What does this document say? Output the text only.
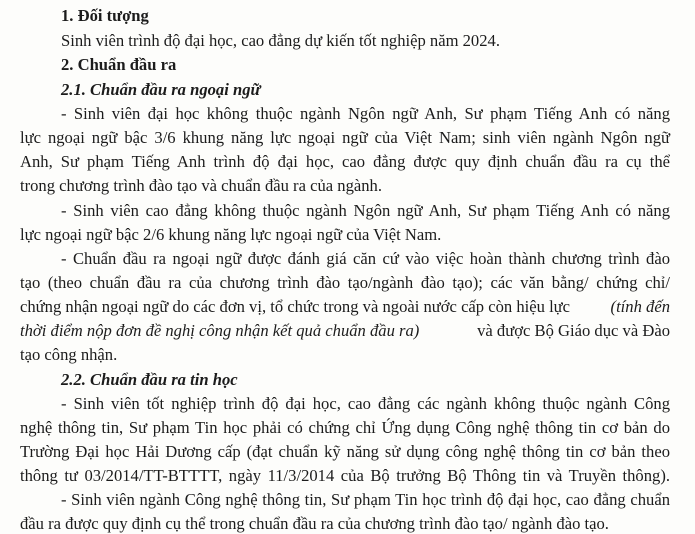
1. Đối tượng
Sinh viên trình độ đại học, cao đẳng dự kiến tốt nghiệp năm 2024.
2. Chuẩn đầu ra
2.1. Chuẩn đầu ra ngoại ngữ
- Sinh viên đại học không thuộc ngành Ngôn ngữ Anh, Sư phạm Tiếng Anh có năng
lực ngoại ngữ bậc 3/6 khung năng lực ngoại ngữ của Việt Nam; sinh viên ngành Ngôn ngữ
Anh, Sư phạm Tiếng Anh trình độ đại học, cao đẳng được quy định chuẩn đầu ra cụ thể
trong chương trình đào tạo và chuẩn đầu ra của ngành.
- Sinh viên cao đẳng không thuộc ngành Ngôn ngữ Anh, Sư phạm Tiếng Anh có năng
lực ngoại ngữ bậc 2/6 khung năng lực ngoại ngữ của Việt Nam.
- Chuẩn đầu ra ngoại ngữ được đánh giá căn cứ vào việc hoàn thành chương trình đào
tạo (theo chuẩn đầu ra của chương trình đào tạo/ngành đào tạo); các văn bằng/ chứng chỉ/
chứng nhận ngoại ngữ do các đơn vị, tổ chức trong và ngoài nước cấp còn hiệu lực (tính đến
thời điểm nộp đơn đề nghị công nhận kết quả chuẩn đầu ra)	và được Bộ Giáo dục và Đào
tạo công nhận.
2.2. Chuẩn đầu ra tin học
- Sinh viên tốt nghiệp trình độ đại học, cao đẳng các ngành không thuộc ngành Công
nghệ thông tin, Sư phạm Tin học phải có chứng chỉ Ứng dụng Công nghệ thông tin cơ bản do
Trường Đại học Hải Dương cấp (đạt chuẩn kỹ năng sử dụng công nghệ thông tin cơ bản theo
thông tư 03/2014/TT-BTTTT, ngày 11/3/2014 của Bộ trưởng Bộ Thông tin và Truyền thông).
- Sinh viên ngành Công nghệ thông tin, Sư phạm Tin học trình độ đại học, cao đẳng chuẩn
đầu ra được quy định cụ thể trong chuẩn đầu ra của chương trình đào tạo/ ngành đào tạo.
